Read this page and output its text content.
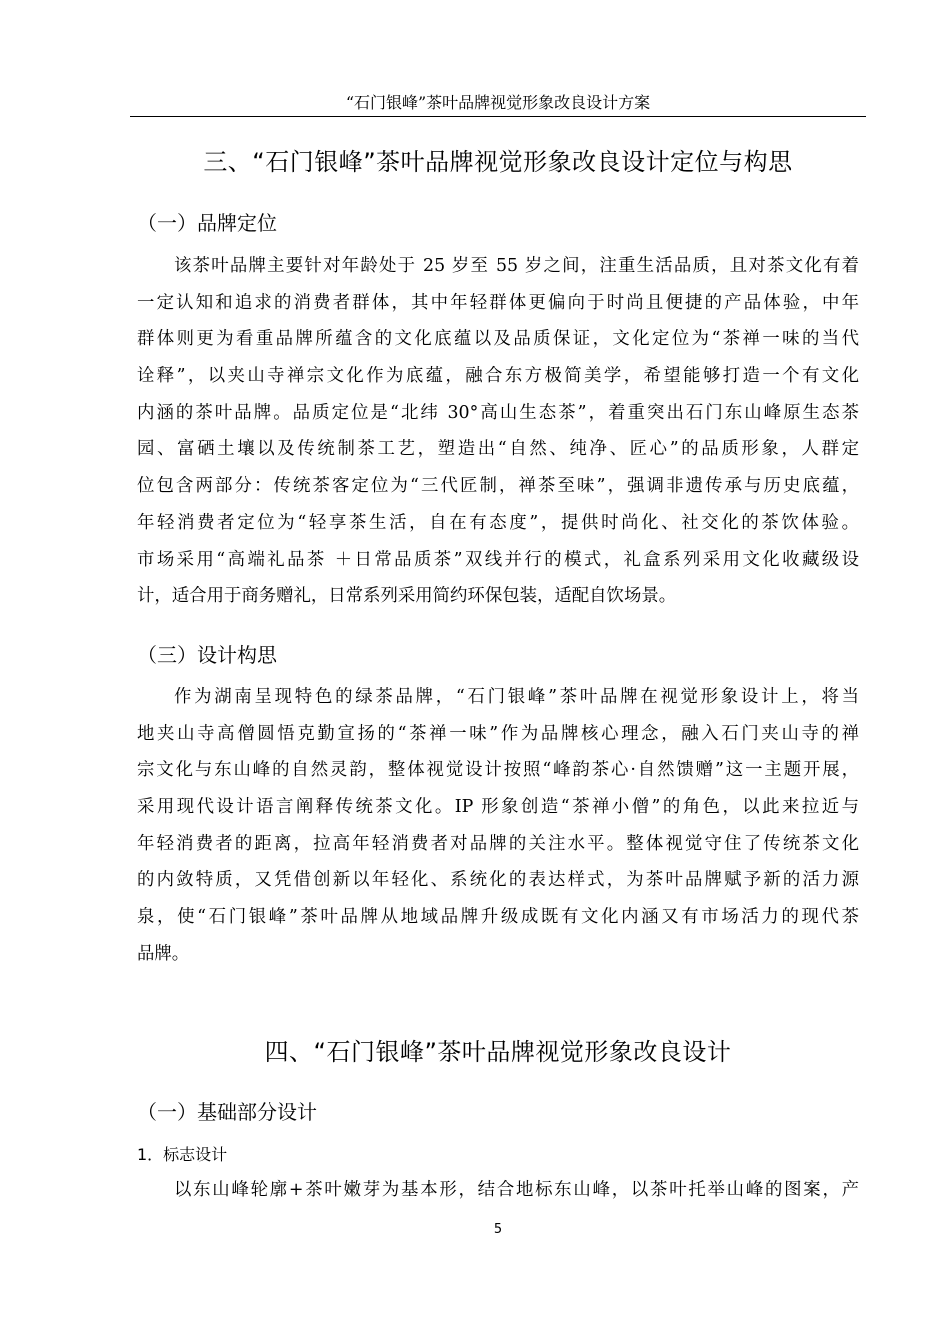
“石门银峰”茶叶品牌视觉形象改良设计方案
三、“石门银峰”茶叶品牌视觉形象改良设计定位与构思
（一）品牌定位
该茶叶品牌主要针对年龄处于 25 岁至 55 岁之间，注重生活品质，且对茶文化有着
一定认知和追求的消费者群体，其中年轻群体更偏向于时尚且便捷的产品体验，中年
群体则更为看重品牌所蕴含的文化底蕴以及品质保证，文化定位为“茶禅一味的当代
诠释”，以夹山寺禅宗文化作为底蕴，融合东方极简美学，希望能够打造一个有文化
内涵的茶叶品牌。品质定位是“北纬 30°高山生态茶”，着重突出石门东山峰原生态茶
园、富硒土壤以及传统制茶工艺，塑造出“自然、纯净、匠心”的品质形象，人群定
位包含两部分：传统茶客定位为“三代匠制，禅茶至味”，强调非遗传承与历史底蕴，
年轻消费者定位为“轻享茶生活，自在有态度”，提供时尚化、社交化的茶饮体验。
市场采用“高端礼品茶 ＋日常品质茶”双线并行的模式，礼盒系列采用文化收藏级设
计，适合用于商务赠礼，日常系列采用简约环保包装，适配自饮场景。
（三）设计构思
作为湖南呈现特色的绿茶品牌，“石门银峰”茶叶品牌在视觉形象设计上，将当
地夹山寺高僧圆悟克勤宣扬的“茶禅一味”作为品牌核心理念，融入石门夹山寺的禅
宗文化与东山峰的自然灵韵，整体视觉设计按照“峰韵茶心·自然馈赠”这一主题开展，
采用现代设计语言阐释传统茶文化。IP 形象创造“茶禅小僧”的角色，以此来拉近与
年轻消费者的距离，拉高年轻消费者对品牌的关注水平。整体视觉守住了传统茶文化
的内敛特质，又凭借创新以年轻化、系统化的表达样式，为茶叶品牌赋予新的活力源
泉，使“石门银峰”茶叶品牌从地域品牌升级成既有文化内涵又有市场活力的现代茶
品牌。
四、“石门银峰”茶叶品牌视觉形象改良设计
（一）基础部分设计
1．标志设计
以东山峰轮廓+茶叶嫩芽为基本形，结合地标东山峰，以茶叶托举山峰的图案，产
5
